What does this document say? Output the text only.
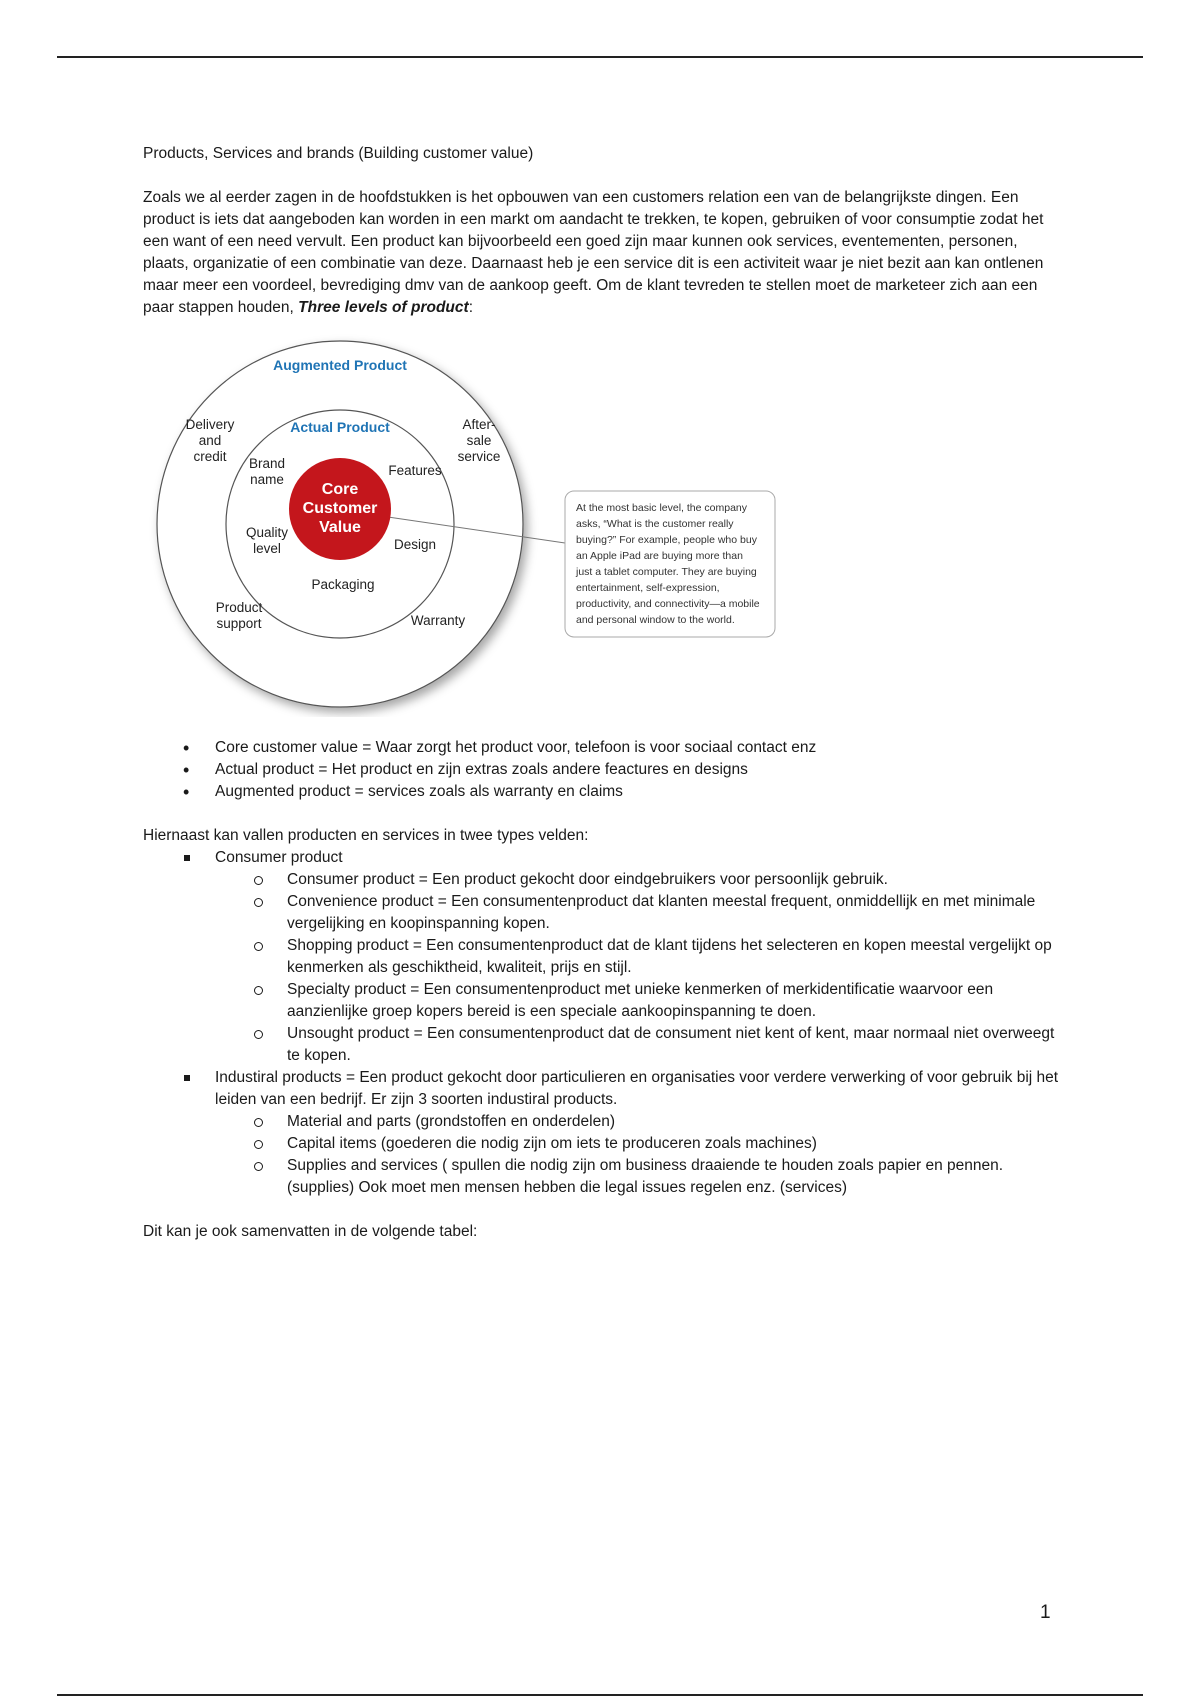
Products, Services and brands (Building customer value)

Zoals we al eerder zagen in de hoofdstukken is het opbouwen van een customers relation een van de belangrijkste dingen. Een product is iets dat aangeboden kan worden in een markt om aandacht te trekken, te kopen, gebruiken of voor consumptie zodat het een want of een need vervult. Een product kan bijvoorbeeld een goed zijn maar kunnen ook services, eventementen, personen, plaats, organizatie of een combinatie van deze. Daarnaast heb je een service dit is een activiteit waar je niet bezit aan kan ontlenen maar meer een voordeel, bevrediging dmv van de aankoop geeft. Om de klant tevreden te stellen moet de marketeer zich aan een paar stappen houden, Three levels of product:

Core
Customer
Value
Augmented Product
Actual Product
Delivery
and
credit
After-
sale
service
Product
support	Warranty
Brand
name
Features
Quality
level	Design
Packaging
At the most basic level, the company
asks, “What is the customer really
buying?” For example, people who buy
an Apple iPad are buying more than
just a tablet computer. They are buying
entertainment, self-expression,
productivity, and connectivity—a mobile
and personal window to the world.
• Core customer value = Waar zorgt het product voor, telefoon is voor sociaal contact enz
• Actual product = Het product en zijn extras zoals andere feactures en designs
• Augmented product = services zoals als warranty en claims

Hiernaast kan vallen producten en services in twee types velden:

Consumer product
Consumer product = Een product gekocht door eindgebruikers voor persoonlijk gebruik.
Convenience product = Een consumentenproduct dat klanten meestal frequent, onmiddellijk en met minimale vergelijking en koopinspanning kopen.
Shopping product = Een consumentenproduct dat de klant tijdens het selecteren en kopen meestal vergelijkt op kenmerken als geschiktheid, kwaliteit, prijs en stijl.
Specialty product = Een consumentenproduct met unieke kenmerken of merkidentificatie waarvoor een aanzienlijke groep kopers bereid is een speciale aankoopinspanning te doen.
Unsought product = Een consumentenproduct dat de consument niet kent of kent, maar normaal niet overweegt te kopen.
Industiral products = Een product gekocht door particulieren en organisaties voor verdere verwerking of voor gebruik bij het leiden van een bedrijf. Er zijn 3 soorten industiral products.
Material and parts (grondstoffen en onderdelen)
Capital items (goederen die nodig zijn om iets te produceren zoals machines)
Supplies and services ( spullen die nodig zijn om business draaiende te houden zoals papier en pennen. (supplies) Ook moet men mensen hebben die legal issues regelen enz. (services)

Dit kan je ook samenvatten in de volgende tabel:

1
